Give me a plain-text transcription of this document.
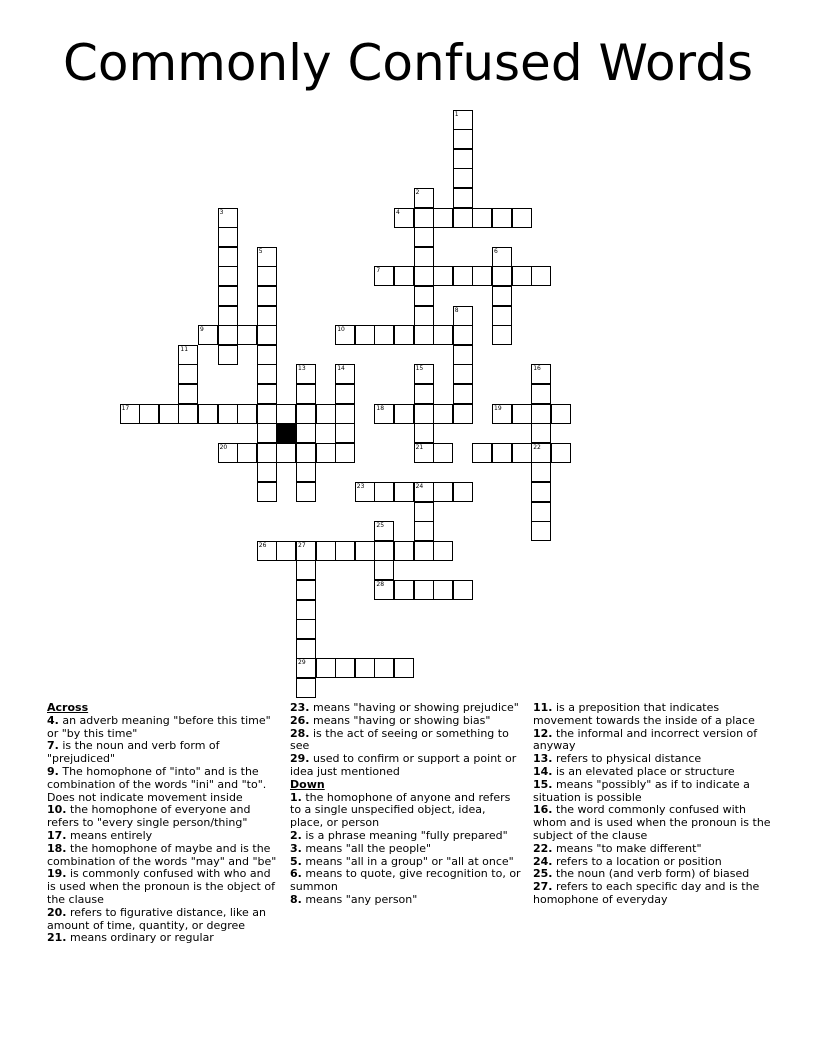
Commonly Confused Words
1
2
4
3
5	6
7
9	10
8
11
13	14	15	16
17	18	19
20	21	22
23	24
25
28
26	27
29
Across
4. an adverb meaning "before this time" or "by this time"
7. is the noun and verb form of "prejudiced"
9. The homophone of "into" and is the combination of the words "ini" and "to". Does not indicate movement inside
10. the homophone of everyone and refers to "every single person/thing"
17. means entirely
18. the homophone of maybe and is the combination of the words "may" and "be"
19. is commonly confused with who and is used when the pronoun is the object of the clause
20. refers to figurative distance, like an amount of time, quantity, or degree
21. means ordinary or regular
23. means "having or showing prejudice"
26. means "having or showing bias"
28. is the act of seeing or something to see
29. used to confirm or support a point or idea just mentioned
Down
1. the homophone of anyone and refers to a single unspecified object, idea, place, or person
2. is a phrase meaning "fully prepared"
3. means "all the people"
5. means "all in a group" or "all at once"
6. means to quote, give recognition to, or summon
8. means "any person"
11. is a preposition that indicates movement towards the inside of a place
12. the informal and incorrect version of anyway
13. refers to physical distance
14. is an elevated place or structure
15. means "possibly" as if to indicate a situation is possible
16. the word commonly confused with whom and is used when the pronoun is the subject of the clause
22. means "to make different"
24. refers to a location or position
25. the noun (and verb form) of biased
27. refers to each specific day and is the homophone of everyday
